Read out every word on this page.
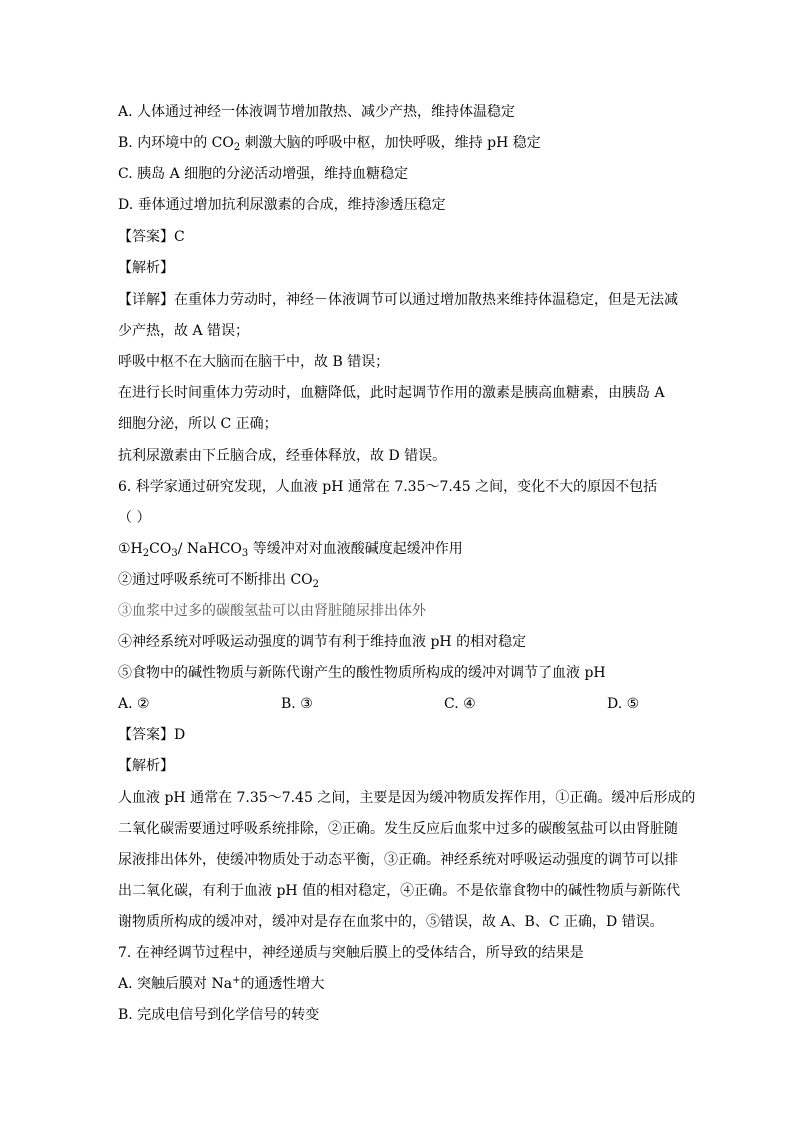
A. 人体通过神经一体液调节增加散热、减少产热，维持体温稳定
B. 内环境中的 $CO_2$ 刺激大脑的呼吸中枢，加快呼吸，维持 pH 稳定
C. 胰岛 A 细胞的分泌活动增强，维持血糖稳定
D. 垂体通过增加抗利尿激素的合成，维持渗透压稳定
【答案】C
【解析】
【详解】在重体力劳动时，神经－体液调节可以通过增加散热来维持体温稳定，但是无法减
少产热，故 A 错误；
呼吸中枢不在大脑而在脑干中，故 B 错误；
在进行长时间重体力劳动时，血糖降低，此时起调节作用的激素是胰高血糖素，由胰岛 A
细胞分泌，所以 C 正确；
抗利尿激素由下丘脑合成，经垂体释放，故 D 错误。
6. 科学家通过研究发现，人血液 pH 通常在 7.35～7.45 之间，变化不大的原因不包括
（ ）
$①H_2CO_3/$ NaHCO$_3$ 等缓冲对对血液酸碱度起缓冲作用
②通过呼吸系统可不断排出 $CO_2$
③血浆中过多的碳酸氢盐可以由肾脏随尿排出体外
④神经系统对呼吸运动强度的调节有利于维持血液 pH 的相对稳定
⑤食物中的碱性物质与新陈代谢产生的酸性物质所构成的缓冲对调节了血液 pH
A. ②	B. ③	C. ④	D. ⑤
【答案】D
【解析】
人血液 pH 通常在 7.35～7.45 之间，主要是因为缓冲物质发挥作用，①正确。缓冲后形成的
二氧化碳需要通过呼吸系统排除，②正确。发生反应后血浆中过多的碳酸氢盐可以由肾脏随
尿液排出体外，使缓冲物质处于动态平衡，③正确。神经系统对呼吸运动强度的调节可以排
出二氧化碳，有利于血液 pH 值的相对稳定，④正确。不是依靠食物中的碱性物质与新陈代
谢物质所构成的缓冲对，缓冲对是存在血浆中的，⑤错误，故 A、B、C 正确，D 错误。
7. 在神经调节过程中，神经递质与突触后膜上的受体结合，所导致的结果是
A. 突触后膜对 Na+的通透性增大
B. 完成电信号到化学信号的转变
